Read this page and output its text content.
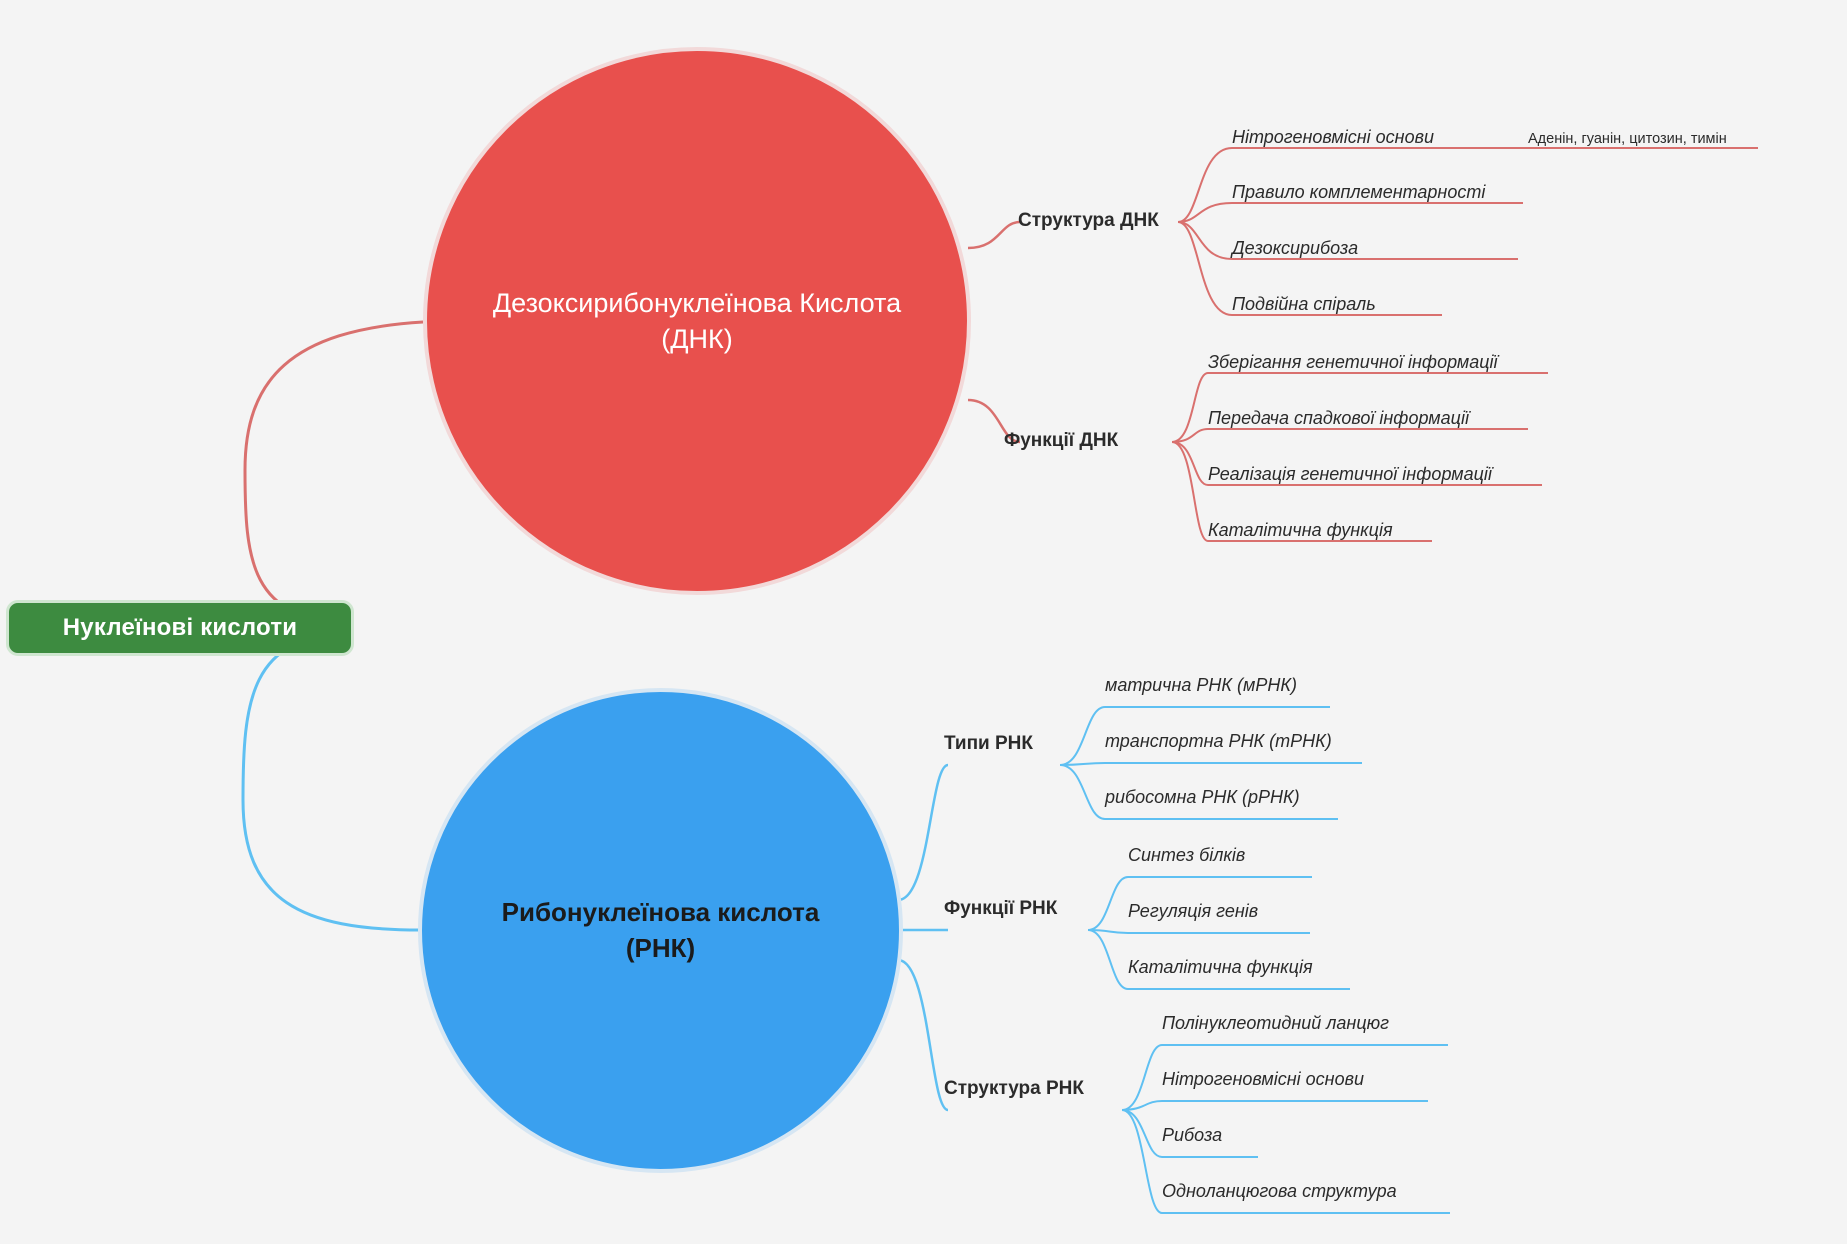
Нуклеїнові кислоти
Дезоксирибонуклеїнова Кислота
(ДНК)
Рибонуклеїнова кислота
(РНК)
Структура ДНК
Нітрогеновмісні основи	Аденін, гуанін, цитозин, тимін
Правило комплементарності
Дезоксирибоза
Подвійна спіраль
Функції ДНК
Зберігання генетичної інформації
Передача спадкової інформації
Реалізація генетичної інформації
Каталітична функція
Типи РНК
матрична РНК (мРНК)
транспортна РНК (тРНК)
рибосомна РНК (рРНК)
Функції РНК
Синтез білків
Регуляція генів
Каталітична функція
Структура РНК
Полінуклеотидний ланцюг
Нітрогеновмісні основи
Рибоза
Одноланцюгова структура
